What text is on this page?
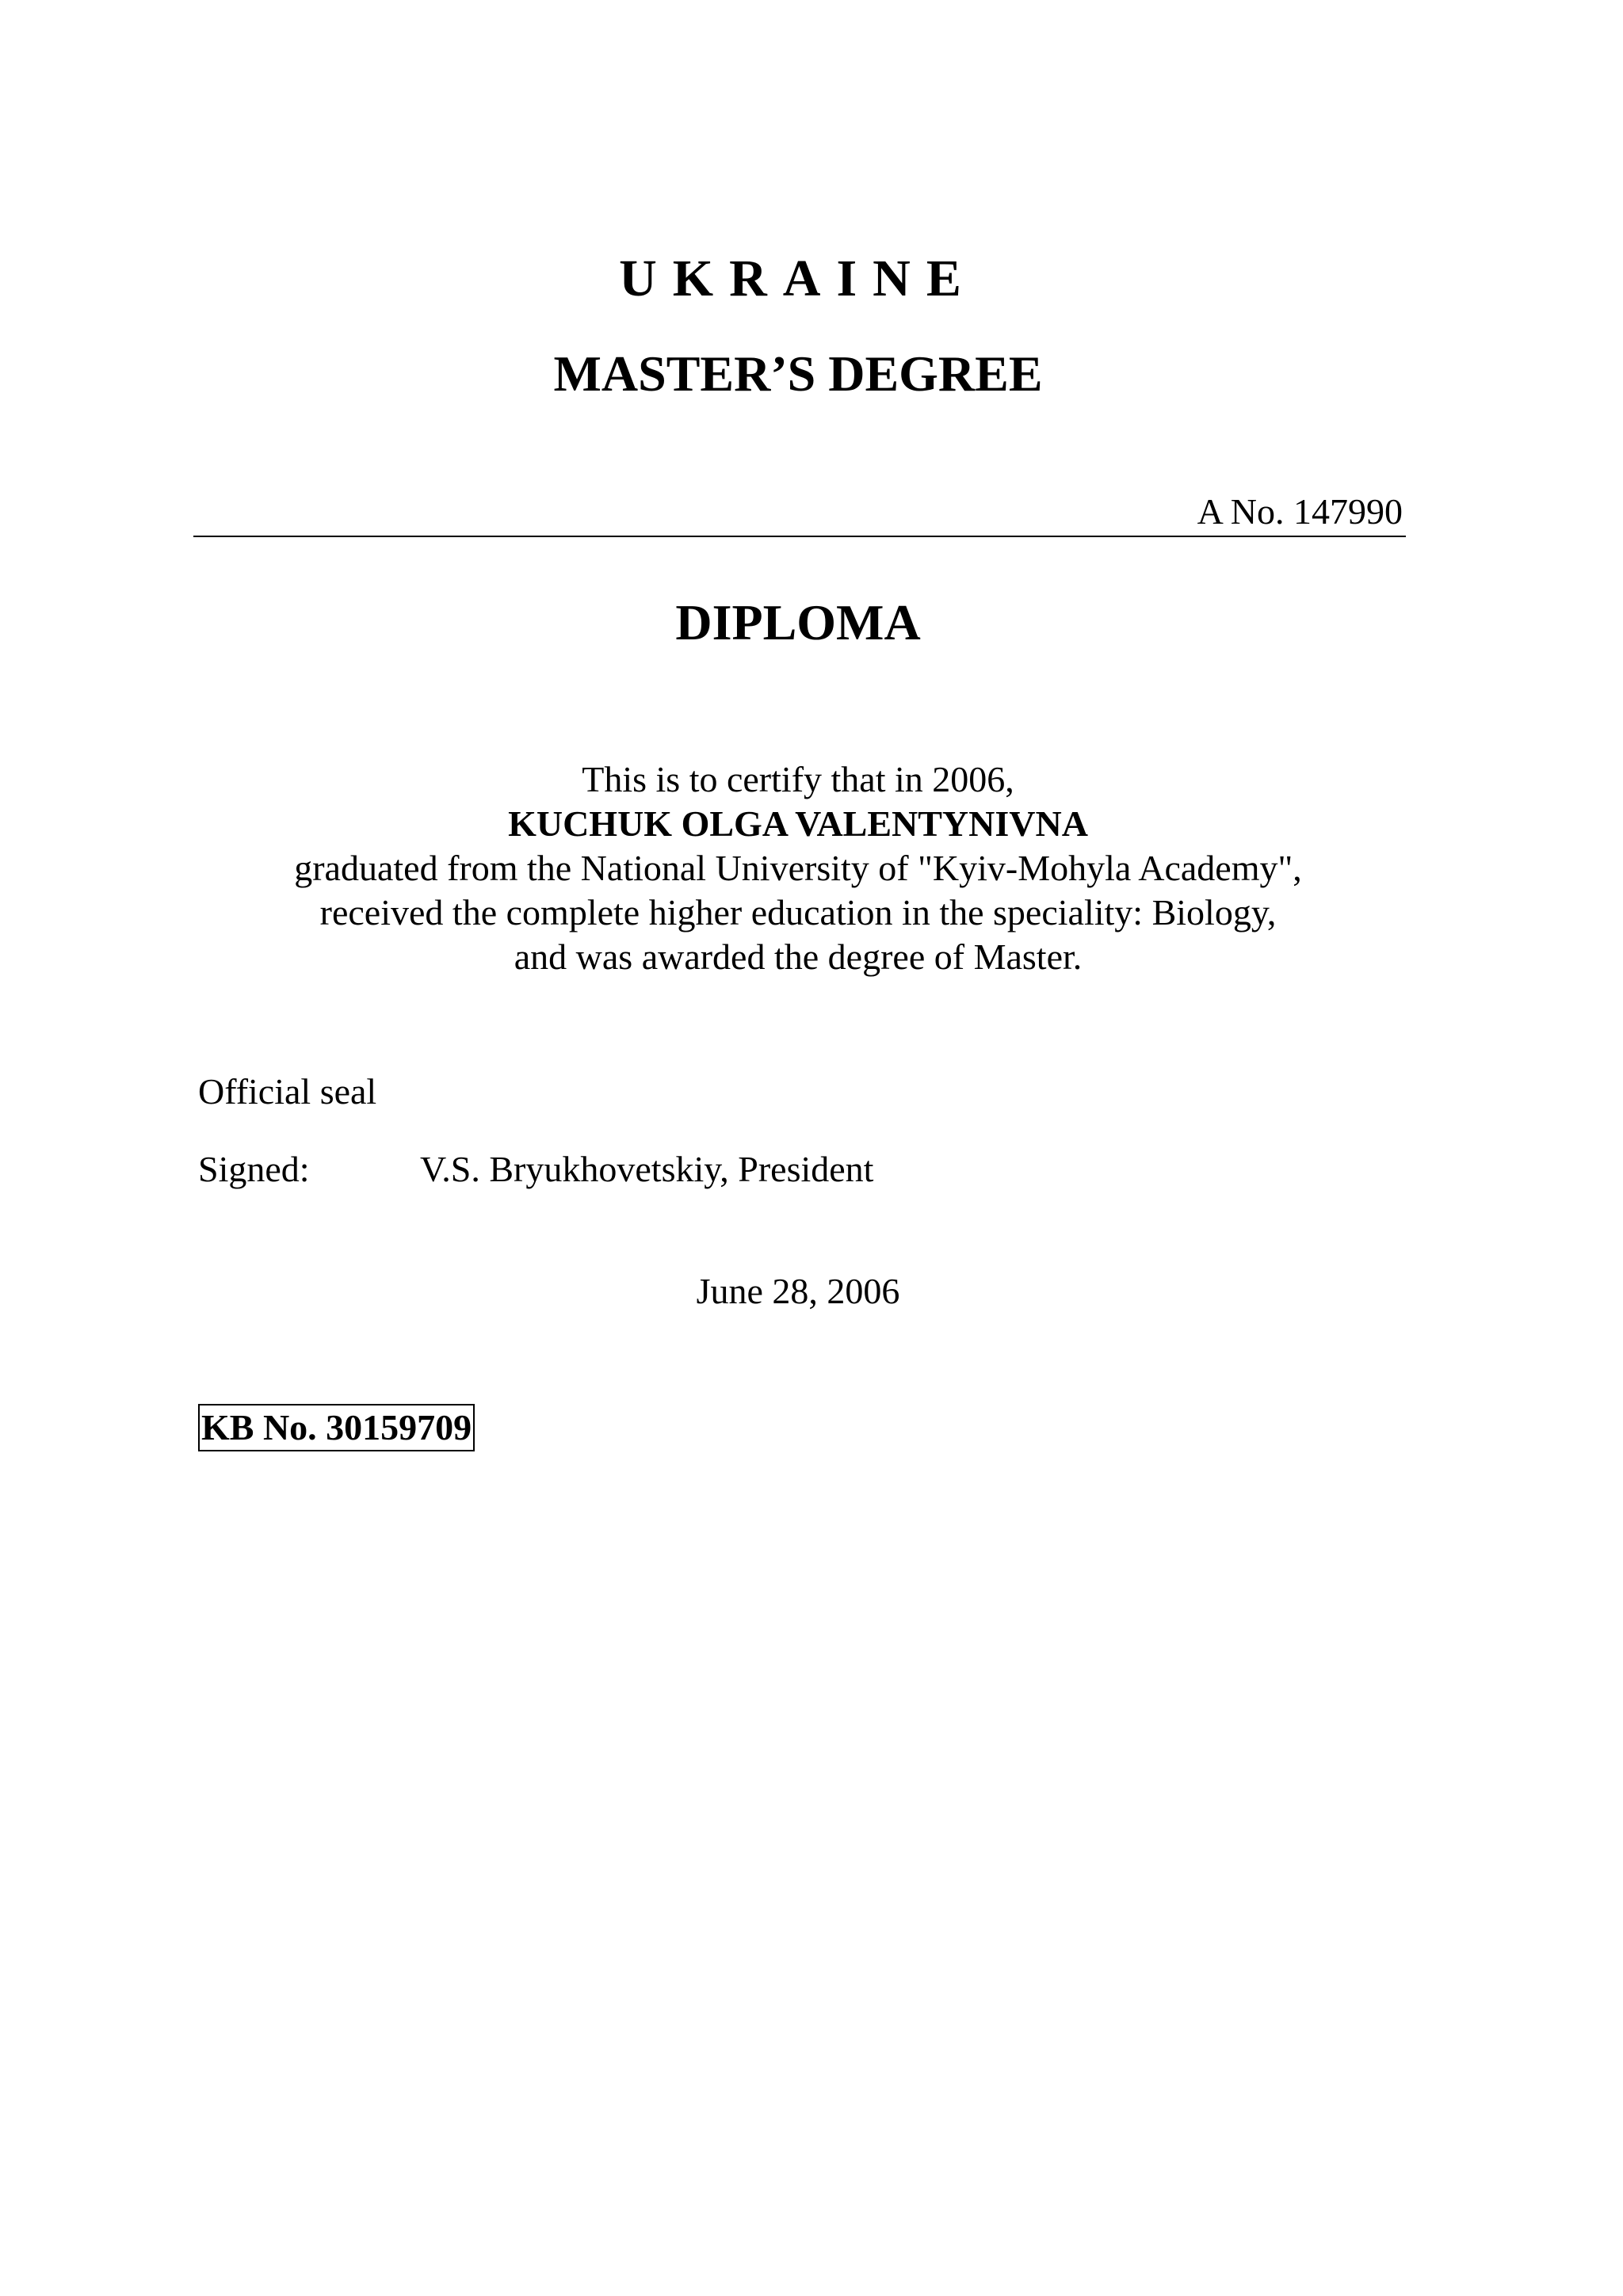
UKRAINE
MASTER’S DEGREE
A No. 147990
DIPLOMA
This is to certify that in 2006,
KUCHUK OLGA VALENTYNIVNA
graduated from the National University of "Kyiv-Mohyla Academy",
received the complete higher education in the speciality: Biology,
and was awarded the degree of Master.
Official seal
Signed:	V.S. Bryukhovetskiy, President
June 28, 2006
KB No. 30159709
